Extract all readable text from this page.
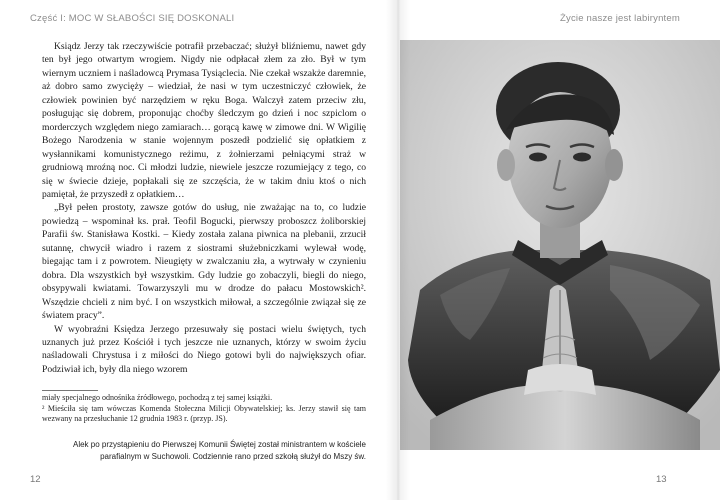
Część I: MOC W SŁABOŚCI SIĘ DOSKONALI

Ksiądz Jerzy tak rzeczywiście potrafił przebaczać; służył bliźniemu, nawet gdy ten był jego otwartym wrogiem. Nigdy nie odpłacał złem za zło. Był w tym wiernym uczniem i naśladowcą Prymasa Tysiąclecia. Nie czekał wszakże daremnie, aż dobro samo zwycięży – wiedział, że nasi w tym uczestniczyć człowiek, że człowiek powinien być narzędziem w ręku Boga. Walczył zatem przeciw złu, posługując się dobrem, proponując choćby śledczym go dzień i noc szpiclom o morderczych względem niego zamiarach… gorącą kawę w zimowe dni. W Wigilię Bożego Narodzenia w stanie wojennym poszedł podzielić się opłatkiem z wysłannikami komunistycznego reżimu, z żołnierzami pełniącymi straż w grudniową mroźną noc. Ci młodzi ludzie, niewiele jeszcze rozumiejący z tego, co się w świecie dzieje, popłakali się ze szczęścia, że w takim dniu ktoś o nich pamiętał, że przyszedł z opłatkiem…

„Był pełen prostoty, zawsze gotów do usług, nie zważając na to, co ludzie powiedzą – wspominał ks. prał. Teofil Bogucki, pierwszy proboszcz żoliborskiej Parafii św. Stanisława Kostki. – Kiedy została zalana piwnica na plebanii, zrzucił sutannę, chwycił wiadro i razem z siostrami służebniczkami wylewał wodę, biegając tam i z powrotem. Nieugięty w zwalczaniu zła, a wytrwały w czynieniu dobra. Dla wszystkich był wszystkim. Gdy ludzie go zobaczyli, biegli do niego, obsypywali kwiatami. Towarzyszyli mu w drodze do pałacu Mostowskich². Wszędzie chcieli z nim być. I on wszystkich miłował, a szczególnie związał się ze światem pracy”.

W wyobraźni Księdza Jerzego przesuwały się postaci wielu świętych, tych uznanych już przez Kościół i tych jeszcze nie uznanych, którzy w swoim życiu naśladowali Chrystusa i z miłości do Niego gotowi byli do największych ofiar. Podziwiał ich, były dla niego wzorem

miały specjalnego odnośnika źródłowego, pochodzą z tej samej książki.

² Mieściła się tam wówczas Komenda Stołeczna Milicji Obywatelskiej; ks. Jerzy stawił się tam wezwany na przesłuchanie 12 grudnia 1983 r. (przyp. JS).

Alek po przystąpieniu do Pierwszej Komunii Świętej został ministrantem w kościele

parafialnym w Suchowoli. Codziennie rano przed szkołą służył do Mszy św.

12
Życie nasze jest labiryntem
13
